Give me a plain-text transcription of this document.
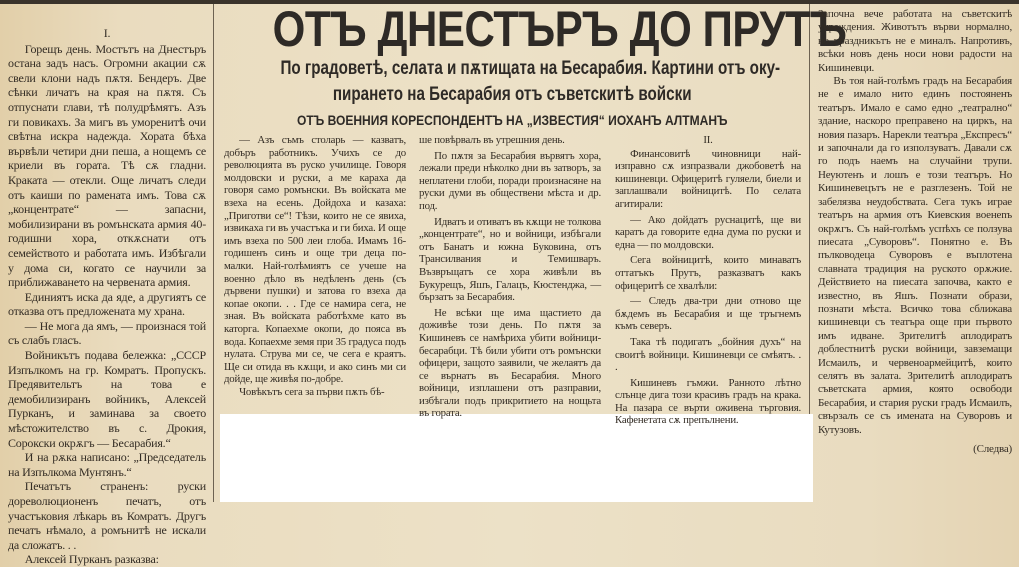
I.

Горещъ день. Мостътъ на Днестъръ остана задъ насъ. Огромни акации сѫ свели клони надъ пѫтя. Бендеръ. Две сѣнки личатъ на края на пѫтя. Съ отпуснати глави, тѣ полудрѣмятъ. Азъ ги повикахъ. За мигъ въ уморенитѣ очи свѣтна искра надежда. Хората бѣха вървѣли четири дни пеша, а нощемъ се криели въ гората. Тѣ сѫ гладни. Краката — отекли. Още личатъ следи отъ каиши по рамената имъ. Това сѫ „концентрате“ — запасни, мобилизирани въ ромънската армия 40-годишни хора, откѫснати отъ семейството и работата имъ. Избѣгали у дома си, когато се научили за приближаването на червената армия.

Единиятъ иска да яде, а другиятъ се отказва отъ предложената му храна.

— Не мога да ямъ, — произнася той съ слабъ гласъ.

Войникътъ подава бележка: „СССР Изпълкомъ на гр. Комратъ. Пропускъ. Предявительтъ на това е демобилизиранъ войникъ, Алексей Пурканъ, и заминава за своето мѣстожителство въ с. Дрокия, Сорокски окрѫгъ — Бесарабия.“

И на рѫка написано: „Председатель на Изпълкома Мунтянъ.“

Печатътъ страненъ: руски дореволюционенъ печатъ, отъ участъковия лѣкарь въ Комратъ. Другъ печатъ нѣмало, а ромънитѣ не искали да сложатъ. . .

Алексей Пурканъ разказва:

ОТЪ ДНЕСТЪРЪ ДО ПРУТЪ
По градоветѣ, селата и пѫтищата на Бесарабия. Картини отъ оку-
пирането на Бесарабия отъ съветскитѣ войски
ОТЪ ВОЕННИЯ КОРЕСПОНДЕНТЪ НА „ИЗВЕСТИЯ“ ИОХАНЪ АЛТМАНЪ

— Азъ съмъ столарь — казватъ, добъръ работникъ. Учихъ се до революцията въ руско училище. Говоря молдовски и руски, а ме караха да говоря само ромънски. Въ войската ме взеха на есень. Дойдоха и казаха: „Приготви се“! Тѣзи, които не се явиха, извикаха ги въ участъка и ги биха. И още имъ взеха по 500 леи глоба. Имамъ 16-годишенъ синъ и още три деца по-малки. Най-голѣмиятъ се учеше на военно дѣло въ недѣленъ день (съ дървени пушки) и затова го взеха да копае окопи. . . Где се намира сега, не зная. Въ войската работѣхме като въ каторга. Копаехме окопи, до пояса въ вода. Копаехме земя при 35 градуса подъ нулата. Струва ми се, че сега е краятъ. Ще си отида въ кѫщи, и ако синъ ми си дойде, ще живѣя по-добре.

Човѣкътъ сега за първи пѫть бѣ-

ше повѣрвалъ въ утрешния день.

По пѫтя за Бесарабия вървятъ хора, лежали преди нѣколко дни въ затворъ, за неплатени глоби, поради произнасяне на руски думи въ обществени мѣста и др. под.

Идватъ и отиватъ въ кѫщи не толкова „концентрате“, но и войници, избѣгали отъ Банатъ и южна Буковина, отъ Трансилвания и Темишваръ. Възвръщатъ се хора живѣли въ Букурещъ, Яшъ, Галацъ, Кюстенджа, — бързатъ за Бесарабия.

Не всѣки ще има щастието да доживѣе този день. По пѫтя за Кишиневъ се намѣриха убити войници-бесарабци. Тѣ били убити отъ ромънски офицери, защото заявили, че желаятъ да се върнатъ въ Бесарабия. Много войници, изплашени отъ разправии, избѣгали подъ прикритието на нощьта въ гората.

II.

Финансовитѣ чиновници най-изправно сѫ изпразвали джобоветѣ на кишиневци. Офицеритѣ гуляели, биели и заплашвали войницитѣ. По селата агитирали:

— Ако дойдатъ руснацитѣ, ще ви каратъ да говорите една дума по руски и една — по молдовски.

Сега войницитѣ, които минаватъ оттатъкъ Прутъ, разказватъ какъ офицеритѣ се хвалѣли:

— Следъ два-три дни отново ще бѫдемъ въ Бесарабия и ще тръгнемъ къмъ северъ.

Така тѣ подигатъ „бойния духъ“ на своитѣ войници. Кишиневци се смѣятъ. . .

Кишиневъ гъмжи. Ранното лѣтно слънце дига този красивъ градъ на крака. На пазара се върти оживена търговия. Кафенетата сѫ препълнени.

Започна вече работата на съветскитѣ учреждения. Животътъ върви нормално, но праздникътъ не е миналъ. Напротивъ, всѣки новъ день носи нови радости на Кишиневци.

Въ тоя най-голѣмъ градъ на Бесарабия не е имало нито единъ постояненъ театъръ. Имало е само едно „театрално“ здание, наскоро преправено на циркъ, на новия пазаръ. Нарекли театъра „Експресъ“ и започнали да го използуватъ. Давали сѫ го подъ наемъ на случайни трупи. Неуютенъ и лошъ е този театъръ. Но Кишиневецътъ не е разглезенъ. Той не забелязва неудобствата. Сега тукъ играе театъръ на армия отъ Киевския военenъ окрѫгъ. Съ най-голѣмъ успѣхъ се ползува пиесата „Суворовъ“. Понятно е. Въ пълководеца Суворовъ е въплотена славната традиция на руското орѫжие. Действието на пиесата започва, както е известно, въ Яшъ. Познати образи, познати мѣста. Всичко това сближава кишиневци съ театъра още при първото имъ идване. Зрителитѣ аплодиратъ доблестнитѣ руски войници, завземащи Исмаилъ, и червеноармейцитѣ, които селятъ въ залата. Зрителитѣ аплодиратъ съветската армия, която освободи Бесарабия, и стария руски градъ Исмаилъ, свързалъ се съ имената на Суворовъ и Кутузовъ.

(Следва)
